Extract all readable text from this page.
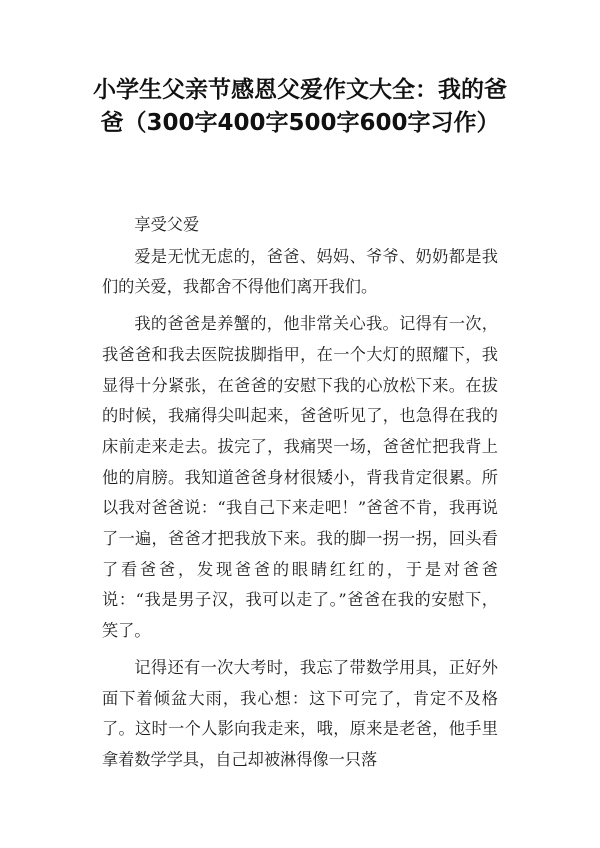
小学生父亲节感恩父爱作文大全：我的爸爸（300字400字500字600字习作）

享受父爱

爱是无忧无虑的，爸爸、妈妈、爷爷、奶奶都是我们的关爱，我都舍不得他们离开我们。

我的爸爸是养蟹的，他非常关心我。记得有一次，我爸爸和我去医院拔脚指甲，在一个大灯的照耀下，我显得十分紧张，在爸爸的安慰下我的心放松下来。在拔的时候，我痛得尖叫起来，爸爸听见了，也急得在我的床前走来走去。拔完了，我痛哭一场，爸爸忙把我背上他的肩膀。我知道爸爸身材很矮小，背我肯定很累。所以我对爸爸说：“我自己下来走吧！”爸爸不肯，我再说了一遍，爸爸才把我放下来。我的脚一拐一拐，回头看了看爸爸，发现爸爸的眼睛红红的，于是对爸爸说：“我是男子汉，我可以走了。”爸爸在我的安慰下，笑了。

记得还有一次大考时，我忘了带数学用具，正好外面下着倾盆大雨，我心想：这下可完了，肯定不及格了。这时一个人影向我走来，哦，原来是老爸，他手里拿着数学学具，自己却被淋得像一只落
